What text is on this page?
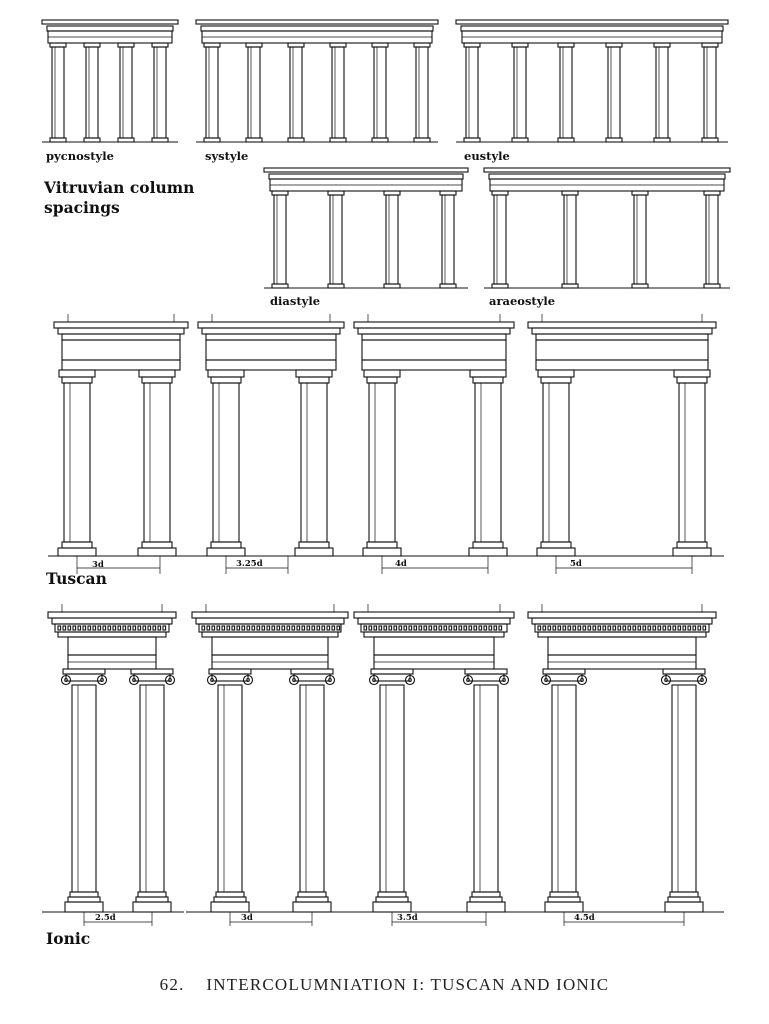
pycnostyle	systyle	eustyle
diastyle	araeostyle
Vitruvian column
spacings
Tuscan
Ionic
3d	3.25d	4d	5d
2.5d	3d	3.5d	4.5d
62. INTERCOLUMNIATION I: TUSCAN AND IONIC
